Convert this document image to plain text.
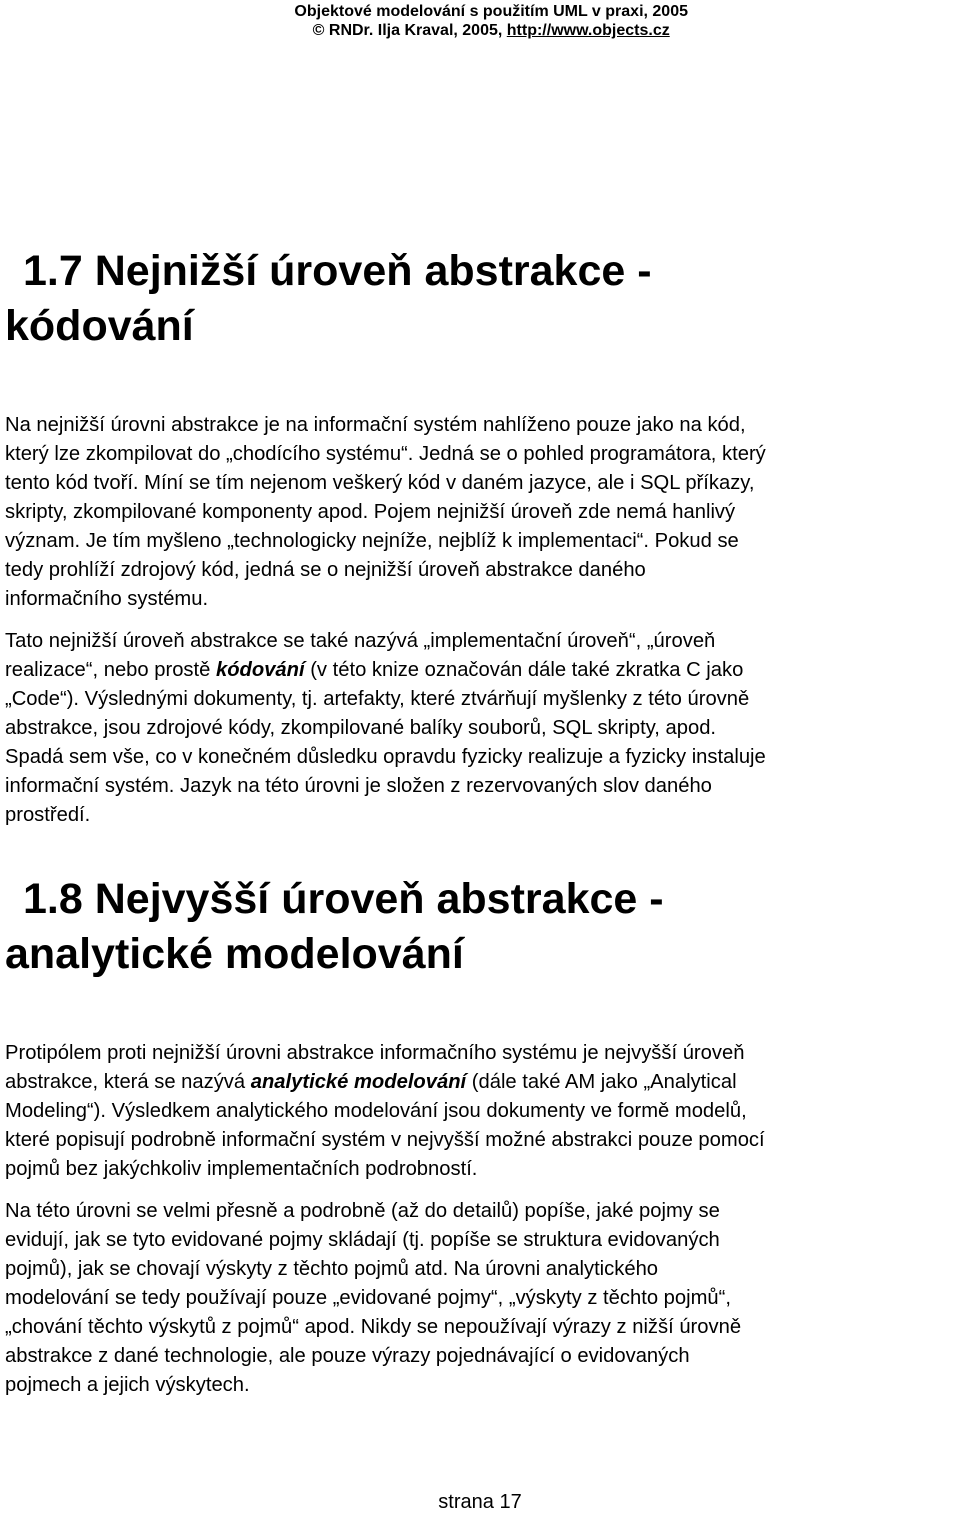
Objektové modelování s použitím UML v praxi, 2005
© RNDr. Ilja Kraval, 2005, http://www.objects.cz
1.7 Nejnižší úroveň abstrakce -
kódování
Na nejnižší úrovni abstrakce je na informační systém nahlíženo pouze jako na kód,
který lze zkompilovat do „chodícího systému“. Jedná se o pohled programátora, který
tento kód tvoří. Míní se tím nejenom veškerý kód v daném jazyce, ale i SQL příkazy,
skripty, zkompilované komponenty apod. Pojem nejnižší úroveň zde nemá hanlivý
význam. Je tím myšleno „technologicky nejníže, nejblíž k implementaci“. Pokud se
tedy prohlíží zdrojový kód, jedná se o nejnižší úroveň abstrakce daného
informačního systému.
Tato nejnižší úroveň abstrakce se také nazývá „implementační úroveň“, „úroveň
realizace“, nebo prostě kódování (v této knize označován dále také zkratka C jako
„Code“). Výslednými dokumenty, tj. artefakty, které ztvárňují myšlenky z této úrovně
abstrakce, jsou zdrojové kódy, zkompilované balíky souborů, SQL skripty, apod.
Spadá sem vše, co v konečném důsledku opravdu fyzicky realizuje a fyzicky instaluje
informační systém. Jazyk na této úrovni je složen z rezervovaných slov daného
prostředí.
1.8 Nejvyšší úroveň abstrakce -
analytické modelování
Protipólem proti nejnižší úrovni abstrakce informačního systému je nejvyšší úroveň
abstrakce, která se nazývá analytické modelování (dále také AM jako „Analytical
Modeling“). Výsledkem analytického modelování jsou dokumenty ve formě modelů,
které popisují podrobně informační systém v nejvyšší možné abstrakci pouze pomocí
pojmů bez jakýchkoliv implementačních podrobností.
Na této úrovni se velmi přesně a podrobně (až do detailů) popíše, jaké pojmy se
evidují, jak se tyto evidované pojmy skládají (tj. popíše se struktura evidovaných
pojmů), jak se chovají výskyty z těchto pojmů atd. Na úrovni analytického
modelování se tedy používají pouze „evidované pojmy“, „výskyty z těchto pojmů“,
„chování těchto výskytů z pojmů“ apod. Nikdy se nepoužívají výrazy z nižší úrovně
abstrakce z dané technologie, ale pouze výrazy pojednávající o evidovaných
pojmech a jejich výskytech.
strana 17
